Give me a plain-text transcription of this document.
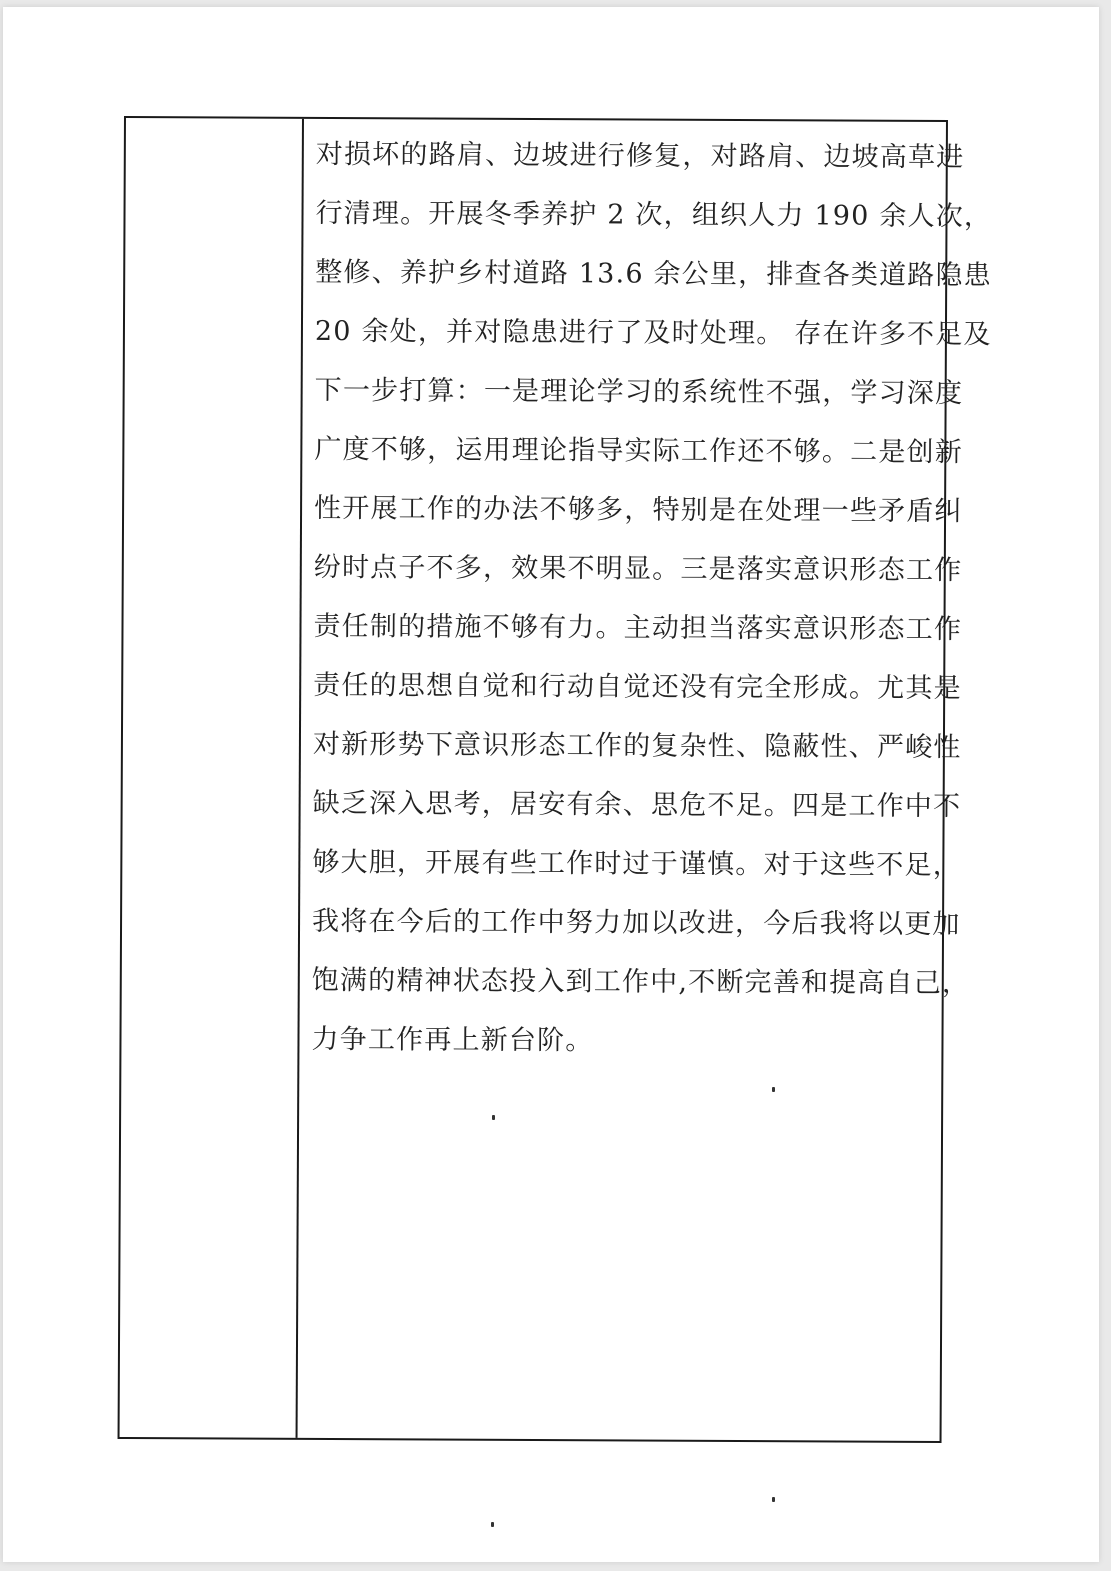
对损坏的路肩、边坡进行修复，对路肩、边坡高草进
行清理。开展冬季养护 2 次，组织人力 190 余人次，
整修、养护乡村道路 13.6 余公里，排查各类道路隐患
20 余处，并对隐患进行了及时处理。 存在许多不足及
下一步打算：一是理论学习的系统性不强，学习深度
广度不够，运用理论指导实际工作还不够。二是创新
性开展工作的办法不够多，特别是在处理一些矛盾纠
纷时点子不多，效果不明显。三是落实意识形态工作
责任制的措施不够有力。主动担当落实意识形态工作
责任的思想自觉和行动自觉还没有完全形成。尤其是
对新形势下意识形态工作的复杂性、隐蔽性、严峻性
缺乏深入思考，居安有余、思危不足。四是工作中不
够大胆，开展有些工作时过于谨慎。对于这些不足，
我将在今后的工作中努力加以改进，今后我将以更加
饱满的精神状态投入到工作中,不断完善和提高自己，
力争工作再上新台阶。
